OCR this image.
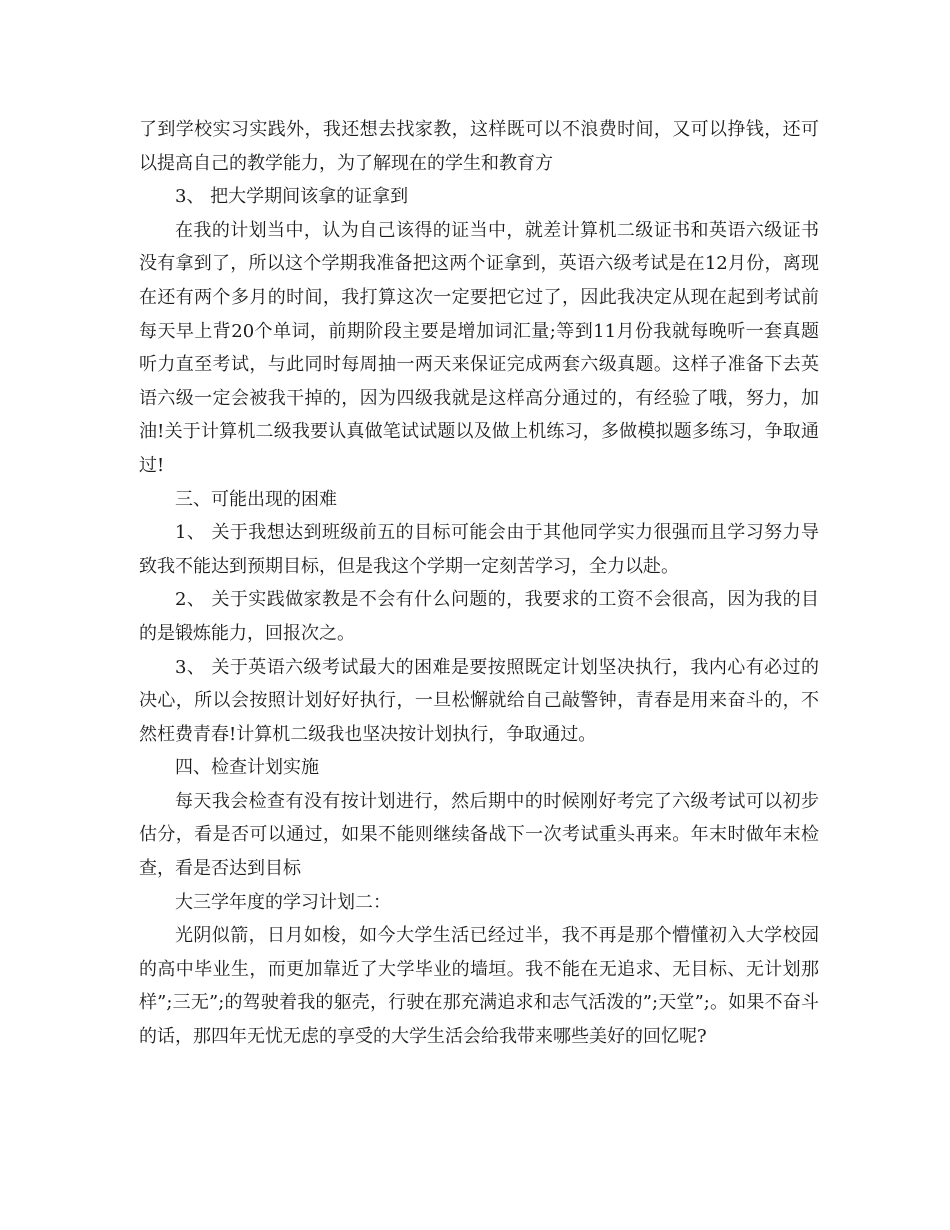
了到学校实习实践外，我还想去找家教，这样既可以不浪费时间，又可以挣钱，还可以提高自己的教学能力，为了解现在的学生和教育方

3、 把大学期间该拿的证拿到

在我的计划当中，认为自己该得的证当中，就差计算机二级证书和英语六级证书没有拿到了，所以这个学期我准备把这两个证拿到，英语六级考试是在12月份，离现在还有两个多月的时间，我打算这次一定要把它过了，因此我决定从现在起到考试前每天早上背20个单词，前期阶段主要是增加词汇量;等到11月份我就每晚听一套真题听力直至考试，与此同时每周抽一两天来保证完成两套六级真题。这样子准备下去英语六级一定会被我干掉的，因为四级我就是这样高分通过的，有经验了哦，努力，加油!关于计算机二级我要认真做笔试试题以及做上机练习，多做模拟题多练习，争取通过!

三、可能出现的困难

1、 关于我想达到班级前五的目标可能会由于其他同学实力很强而且学习努力导致我不能达到预期目标，但是我这个学期一定刻苦学习，全力以赴。

2、 关于实践做家教是不会有什么问题的，我要求的工资不会很高，因为我的目的是锻炼能力，回报次之。

3、 关于英语六级考试最大的困难是要按照既定计划坚决执行，我内心有必过的决心，所以会按照计划好好执行，一旦松懈就给自己敲警钟，青春是用来奋斗的，不然枉费青春!计算机二级我也坚决按计划执行，争取通过。

四、检查计划实施

每天我会检查有没有按计划进行，然后期中的时候刚好考完了六级考试可以初步估分，看是否可以通过，如果不能则继续备战下一次考试重头再来。年末时做年末检查，看是否达到目标

大三学年度的学习计划二：

光阴似箭，日月如梭，如今大学生活已经过半，我不再是那个懵懂初入大学校园的高中毕业生，而更加靠近了大学毕业的墙垣。我不能在无追求、无目标、无计划那样”;三无”;的驾驶着我的躯壳，行驶在那充满追求和志气活泼的”;天堂”;。如果不奋斗的话，那四年无忧无虑的享受的大学生活会给我带来哪些美好的回忆呢?
